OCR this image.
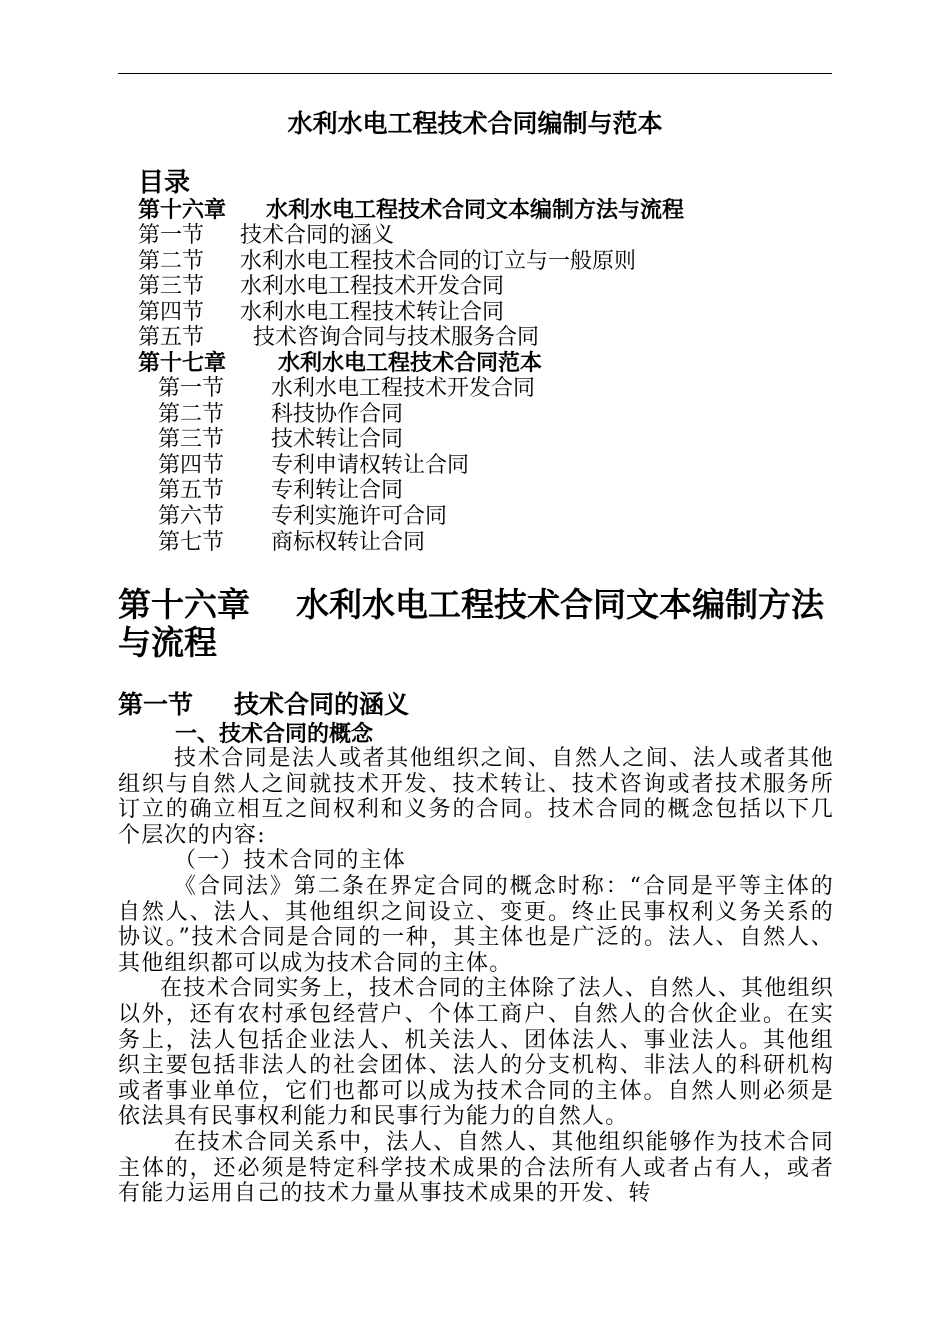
水利水电工程技术合同编制与范本
目录
第十六章 水利水电工程技术合同文本编制方法与流程
第一节 技术合同的涵义
第二节 水利水电工程技术合同的订立与一般原则
第三节 水利水电工程技术开发合同
第四节 水利水电工程技术转让合同
第五节 技术咨询合同与技术服务合同
第十七章 水利水电工程技术合同范本
第一节 水利水电工程技术开发合同
第二节 科技协作合同
第三节 技术转让合同
第四节 专利申请权转让合同
第五节 专利转让合同
第六节 专利实施许可合同
第七节 商标权转让合同
第十六章 水利水电工程技术合同文本编制方法与流程
第一节 技术合同的涵义
一、技术合同的概念

技术合同是法人或者其他组织之间、自然人之间、法人或者其他组织与自然人之间就技术开发、技术转让、技术咨询或者技术服务所订立的确立相互之间权利和义务的合同。技术合同的概念包括以下几个层次的内容:

（一）技术合同的主体

《合同法》第二条在界定合同的概念时称：“合同是平等主体的自然人、法人、其他组织之间设立、变更。终止民事权利义务关系的协议。”技术合同是合同的一种，其主体也是广泛的。法人、自然人、其他组织都可以成为技术合同的主体。

在技术合同实务上，技术合同的主体除了法人、自然人、其他组织以外，还有农村承包经营户、个体工商户、自然人的合伙企业。在实务上，法人包括企业法人、机关法人、团体法人、事业法人。其他组织主要包括非法人的社会团体、法人的分支机构、非法人的科研机构或者事业单位，它们也都可以成为技术合同的主体。自然人则必须是依法具有民事权利能力和民事行为能力的自然人。

在技术合同关系中，法人、自然人、其他组织能够作为技术合同主体的，还必须是特定科学技术成果的合法所有人或者占有人，或者有能力运用自己的技术力量从事技术成果的开发、转
